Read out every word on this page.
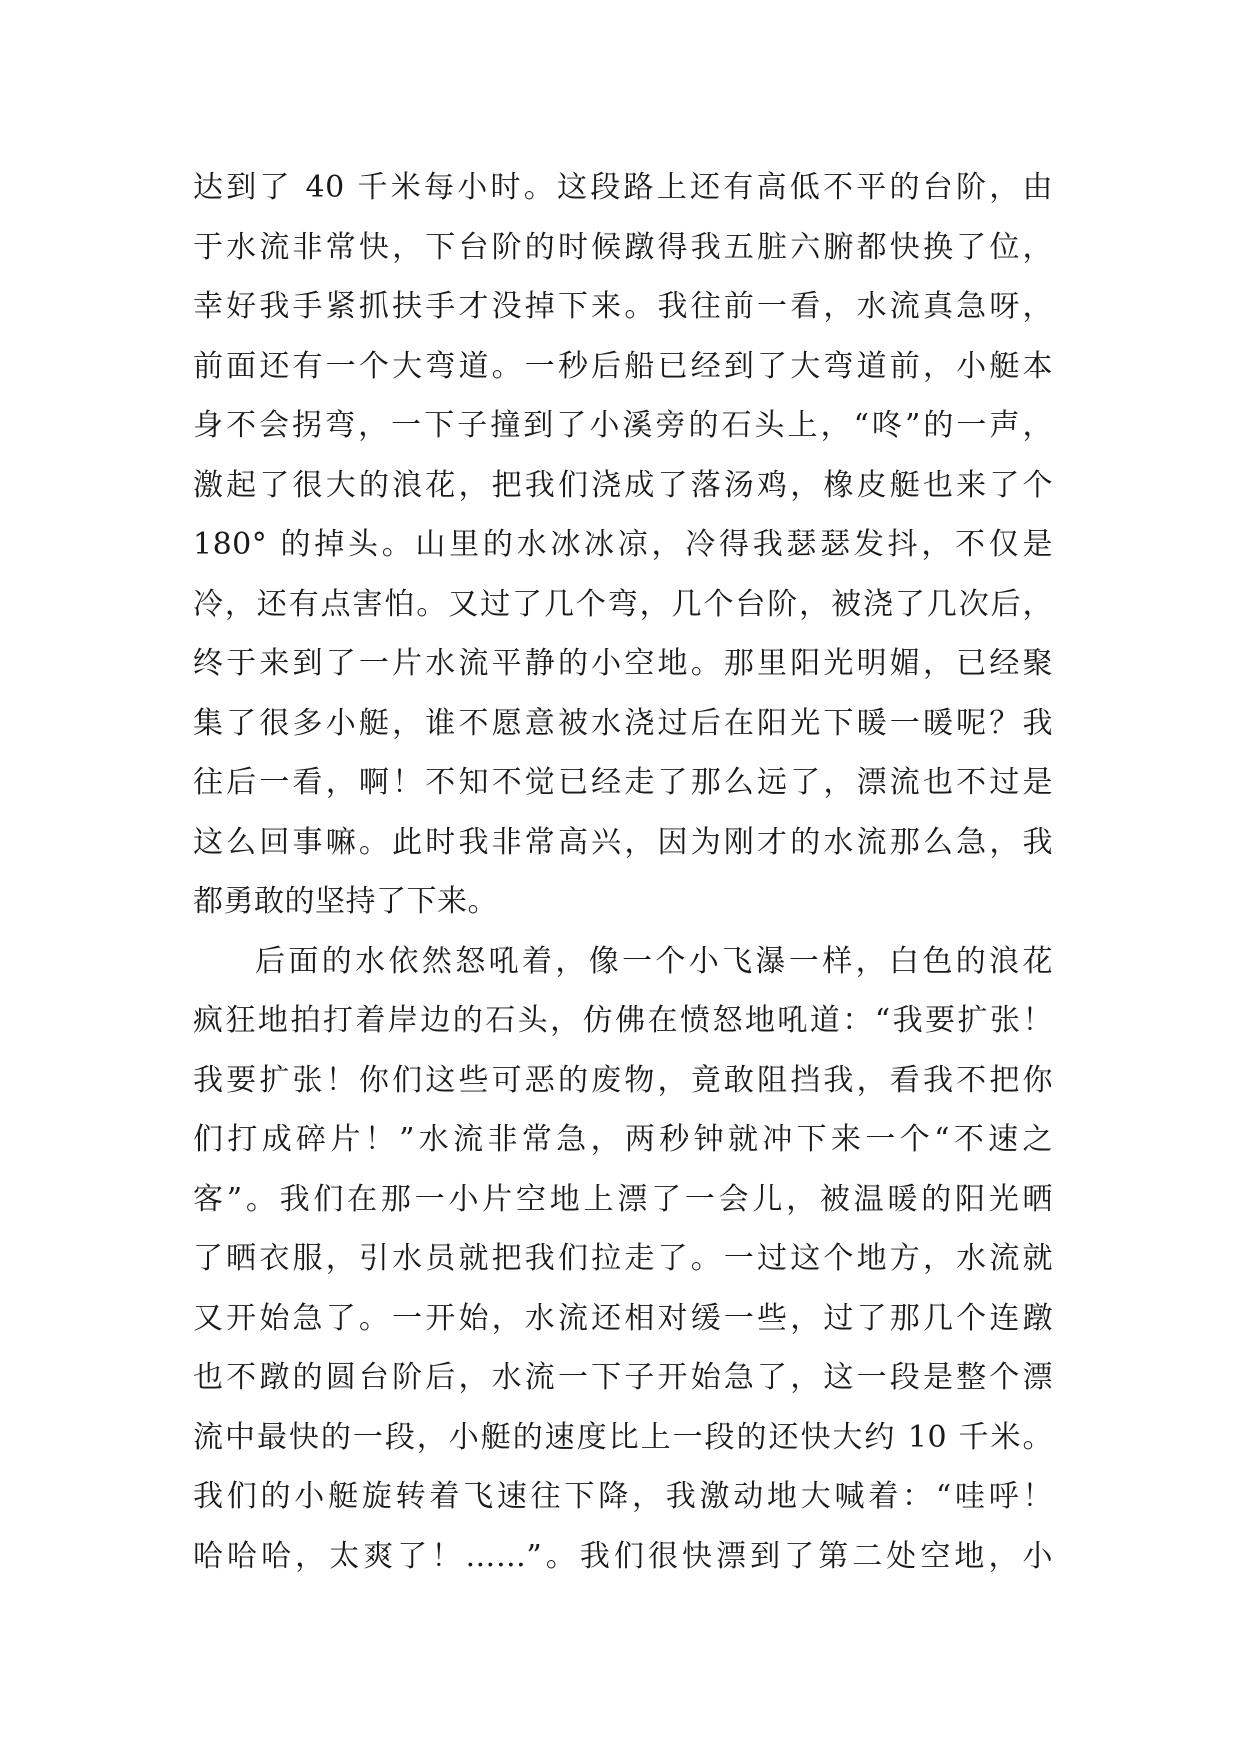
达到了 40 千米每小时。这段路上还有高低不平的台阶，由
于水流非常快，下台阶的时候蹾得我五脏六腑都快换了位，
幸好我手紧抓扶手才没掉下来。我往前一看，水流真急呀，
前面还有一个大弯道。一秒后船已经到了大弯道前，小艇本
身不会拐弯，一下子撞到了小溪旁的石头上，“咚”的一声，
激起了很大的浪花，把我们浇成了落汤鸡，橡皮艇也来了个
180° 的掉头。山里的水冰冰凉，冷得我瑟瑟发抖，不仅是
冷，还有点害怕。又过了几个弯，几个台阶，被浇了几次后，
终于来到了一片水流平静的小空地。那里阳光明媚，已经聚
集了很多小艇，谁不愿意被水浇过后在阳光下暖一暖呢？我
往后一看，啊！不知不觉已经走了那么远了，漂流也不过是
这么回事嘛。此时我非常高兴，因为刚才的水流那么急，我
都勇敢的坚持了下来。
后面的水依然怒吼着，像一个小飞瀑一样，白色的浪花
疯狂地拍打着岸边的石头，仿佛在愤怒地吼道：“我要扩张！
我要扩张！你们这些可恶的废物，竟敢阻挡我，看我不把你
们打成碎片！”水流非常急，两秒钟就冲下来一个“不速之
客”。我们在那一小片空地上漂了一会儿，被温暖的阳光晒
了晒衣服，引水员就把我们拉走了。一过这个地方，水流就
又开始急了。一开始，水流还相对缓一些，过了那几个连蹾
也不蹾的圆台阶后，水流一下子开始急了，这一段是整个漂
流中最快的一段，小艇的速度比上一段的还快大约 10 千米。
我们的小艇旋转着飞速往下降，我激动地大喊着：“哇呼！
哈哈哈，太爽了！……”。我们很快漂到了第二处空地，小
